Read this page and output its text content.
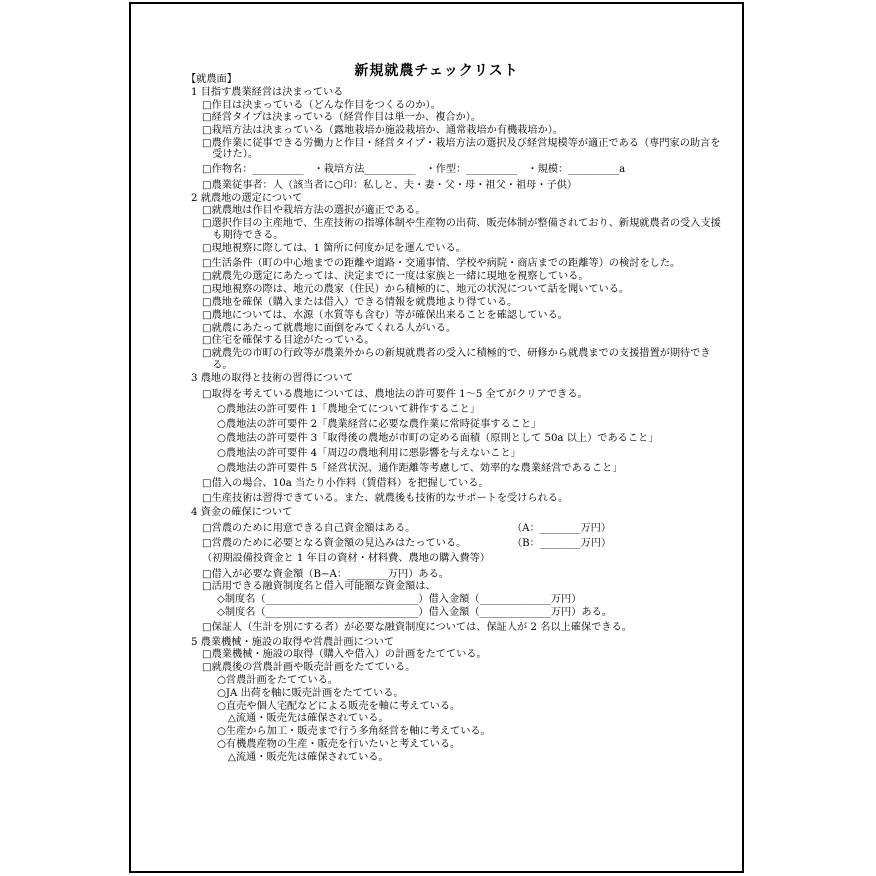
新規就農チェックリスト
【就農面】
1 目指す農業経営は決まっている
□作目は決まっている（どんな作目をつくるのか）。
□経営タイプは決まっている（経営作目は単一か、複合か）。
□栽培方法は決まっている（露地栽培か施設栽培か、通常栽培か有機栽培か）。
□農作業に従事できる労働力と作目・経営タイプ・栽培方法の選択及び経営規模等が適正である（専門家の助言を受けた）。
□作物名：__________　・栽培方法__________　・作型：__________　・規模：__________a
□農業従事者：人（該当者に○印：私しと、夫・妻・父・母・祖父・祖母・子供）
2 就農地の選定について
□就農地は作目や栽培方法の選択が適正である。
□選択作目の主産地で、生産技術の指導体制や生産物の出荷、販売体制が整備されており、新規就農者の受入支援も期待できる。
□現地視察に際しては、1 箇所に何度か足を運んでいる。
□生活条件（町の中心地までの距離や道路・交通事情、学校や病院・商店までの距離等）の検討をした。
□就農先の選定にあたっては、決定までに一度は家族と一緒に現地を視察している。
□現地視察の際は、地元の農家（住民）から積極的に、地元の状況について話を聞いている。
□農地を確保（購入または借入）できる情報を就農地より得ている。
□農地については、水源（水質等も含む）等が確保出来ることを確認している。
□就農にあたって就農地に面倒をみてくれる人がいる。
□住宅を確保する目途がたっている。
□就農先の市町の行政等が農業外からの新規就農者の受入に積極的で、研修から就農までの支援措置が期待できる。
3 農地の取得と技術の習得について
□取得を考えている農地については、農地法の許可要件 1〜5 全てがクリアできる。
○農地法の許可要件 1「農地全てについて耕作すること」
○農地法の許可要件 2「農業経営に必要な農作業に常時従事すること」
○農地法の許可要件 3「取得後の農地が市町の定める面積（原則として 50a 以上）であること」
○農地法の許可要件 4「周辺の農地利用に悪影響を与えないこと」
○農地法の許可要件 5「経営状況、通作距離等考慮して、効率的な農業経営であること」
□借入の場合、10a 当たり小作料（賃借料）を把握している。
□生産技術は習得できている。また、就農後も技術的なサポートを受けられる。
4 資金の確保について
□営農のために用意できる自己資金額はある。	（A：________万円）
□営農のために必要となる資金額の見込みはたっている。	（B：________万円）
（初期設備投資金と 1 年目の資材・材料費、農地の購入費等）
□借入が必要な資金額（B−A：________万円）ある。
□活用できる融資制度名と借入可能額な資金額は、
◇制度名（______________________________）借入金額（______________万円）
◇制度名（______________________________）借入金額（______________万円）ある。
□保証人（生計を別にする者）が必要な融資制度については、保証人が 2 名以上確保できる。
5 農業機械・施設の取得や営農計画について
□農業機械・施設の取得（購入や借入）の計画をたてている。
□就農後の営農計画や販売計画をたてている。
○営農計画をたてている。
○JA 出荷を軸に販売計画をたてている。
○直売や個人宅配などによる販売を軸に考えている。
△流通・販売先は確保されている。
○生産から加工・販売まで行う多角経営を軸に考えている。
○有機農産物の生産・販売を行いたいと考えている。
△流通・販売先は確保されている。
